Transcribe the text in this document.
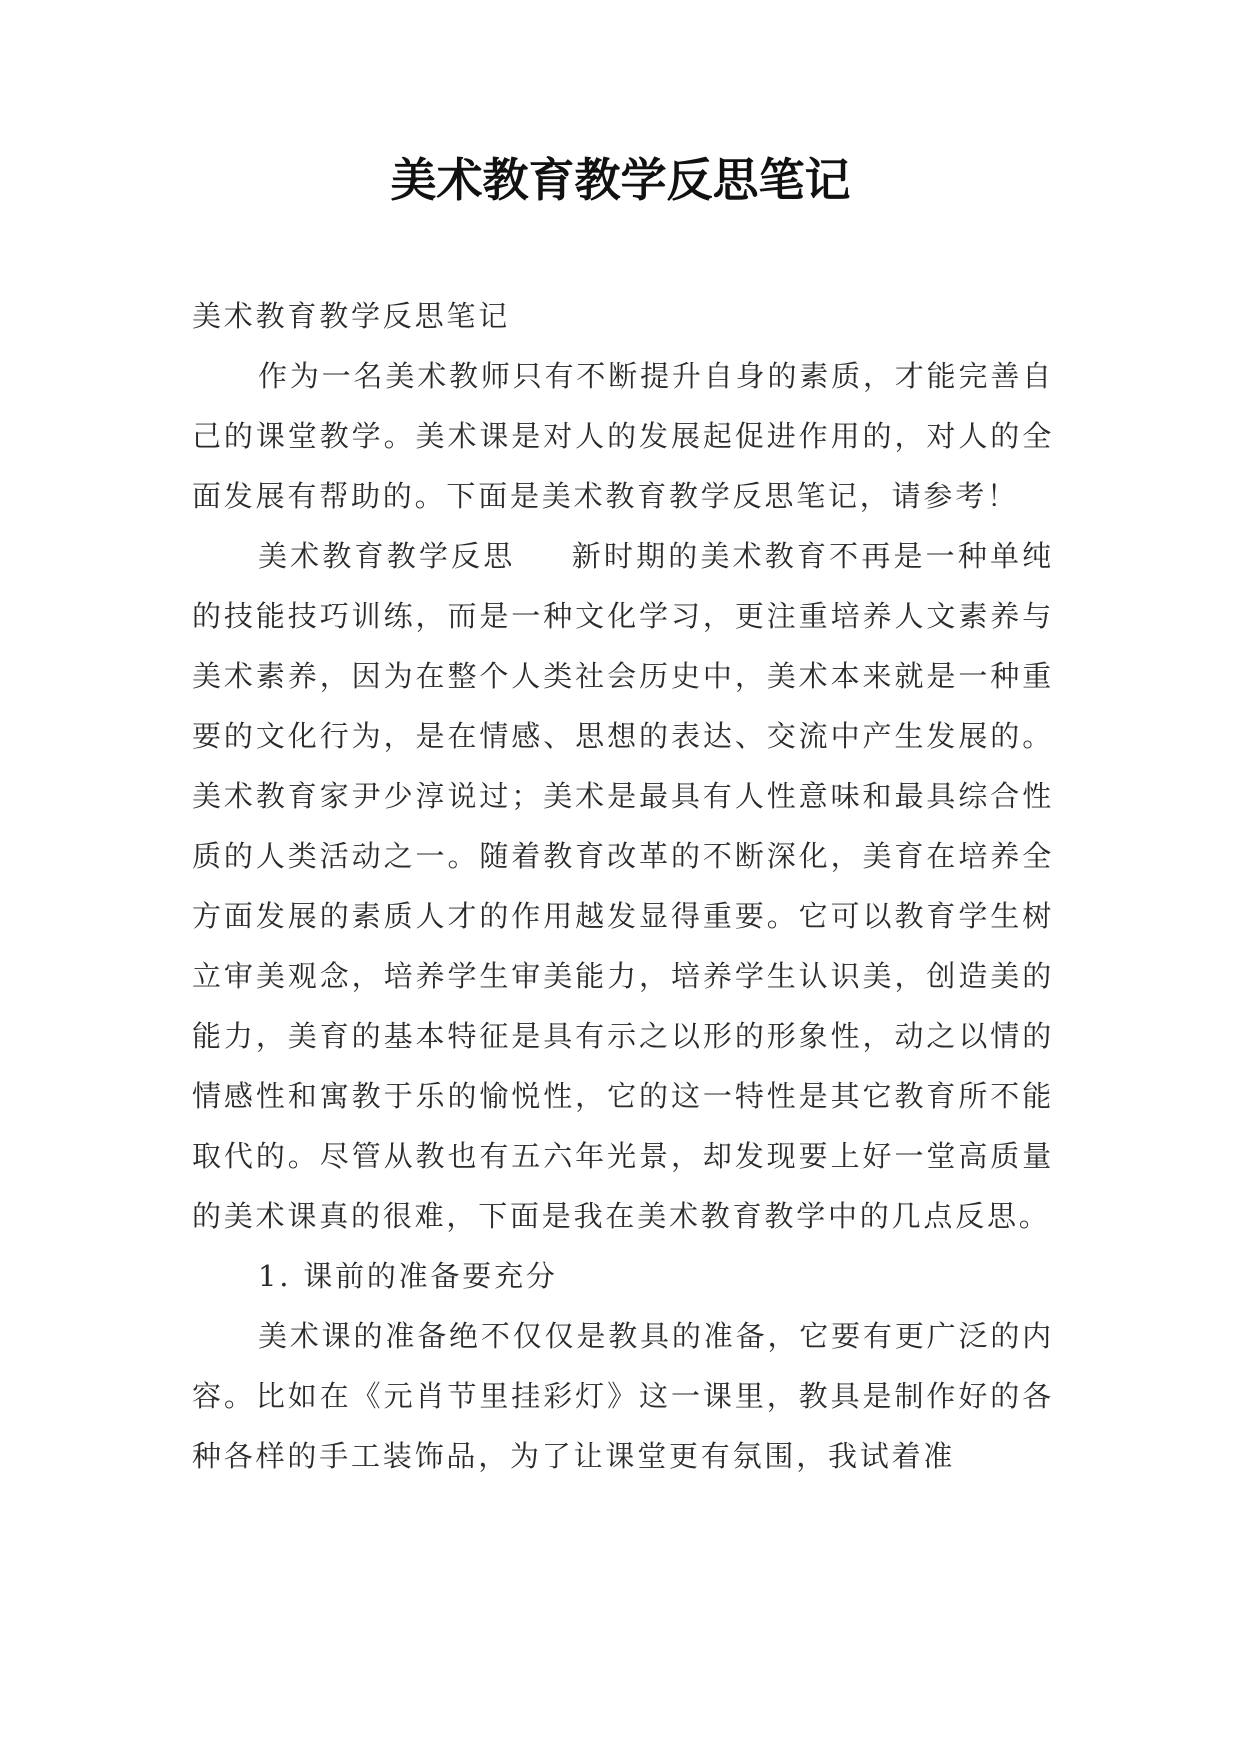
美术教育教学反思笔记

美术教育教学反思笔记

作为一名美术教师只有不断提升自身的素质，才能完善自己的课堂教学。美术课是对人的发展起促进作用的，对人的全面发展有帮助的。下面是美术教育教学反思笔记，请参考！

美术教育教学反思 新时期的美术教育不再是一种单纯的技能技巧训练，而是一种文化学习，更注重培养人文素养与美术素养，因为在整个人类社会历史中，美术本来就是一种重要的文化行为，是在情感、思想的表达、交流中产生发展的。美术教育家尹少淳说过；美术是最具有人性意味和最具综合性质的人类活动之一。随着教育改革的不断深化，美育在培养全方面发展的素质人才的作用越发显得重要。它可以教育学生树立审美观念，培养学生审美能力，培养学生认识美，创造美的能力，美育的基本特征是具有示之以形的形象性，动之以情的情感性和寓教于乐的愉悦性，它的这一特性是其它教育所不能取代的。尽管从教也有五六年光景，却发现要上好一堂高质量的美术课真的很难，下面是我在美术教育教学中的几点反思。

1. 课前的准备要充分

美术课的准备绝不仅仅是教具的准备，它要有更广泛的内容。比如在《元肖节里挂彩灯》这一课里，教具是制作好的各种各样的手工装饰品，为了让课堂更有氛围，我试着准
